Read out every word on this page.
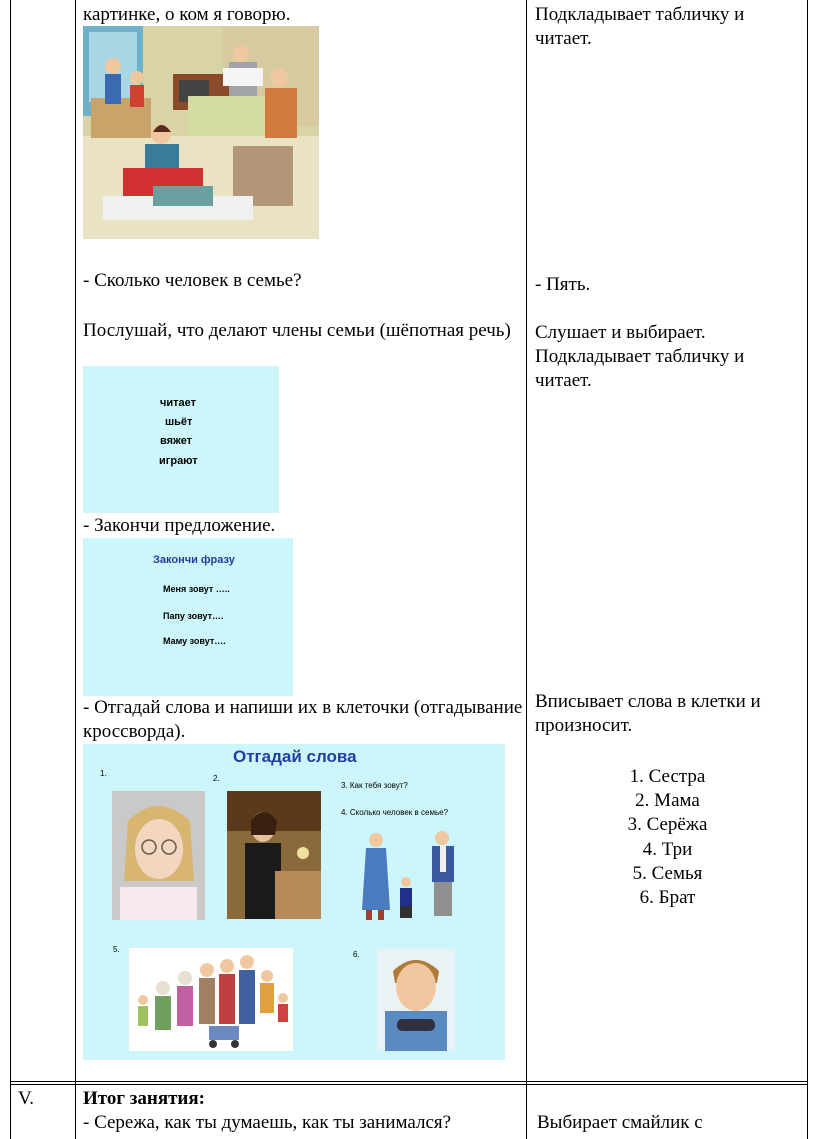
картинке, о ком я говорю.
- Сколько человек в семье?
Послушай, что делают члены семьи (шёпотная речь)
читает
шьёт
вяжет
играют
- Закончи предложение.
Закончи фразу
Меня зовут …..
Папу зовут….
Маму зовут….
- Отгадай слова и напиши их в клеточки (отгадывание кроссворда).
Отгадай слова
1.
2.
3. Как тебя зовут?
4. Сколько человек в семье?
5.
6.
Подкладывает табличку и читает.
- Пять.
Слушает и выбирает. Подкладывает табличку и читает.
Вписывает слова в клетки и произносит.
1. Сестра
2. Мама
3. Серёжа
4. Три
5. Семья
6. Брат
V.	Итог занятия:
- Сережа, как ты думаешь, как ты занимался?	Выбирает смайлик с
